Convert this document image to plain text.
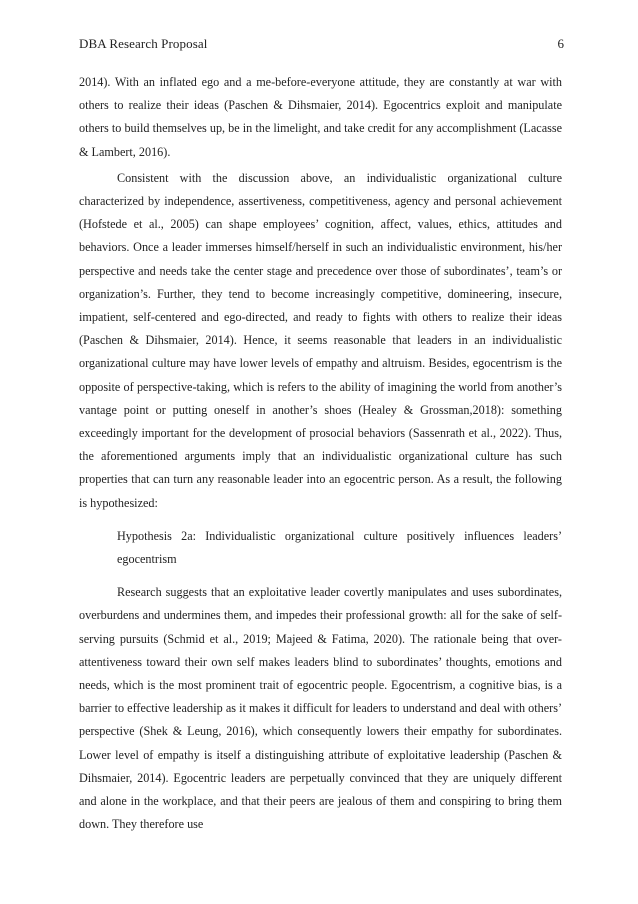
DBA Research Proposal	6

2014). With an inflated ego and a me-before-everyone attitude, they are constantly at war with others to realize their ideas (Paschen & Dihsmaier, 2014). Egocentrics exploit and manipulate others to build themselves up, be in the limelight, and take credit for any accomplishment (Lacasse & Lambert, 2016).

Consistent with the discussion above, an individualistic organizational culture characterized by independence, assertiveness, competitiveness, agency and personal achievement (Hofstede et al., 2005) can shape employees’ cognition, affect, values, ethics, attitudes and behaviors. Once a leader immerses himself/herself in such an individualistic environment, his/her perspective and needs take the center stage and precedence over those of subordinates’, team’s or organization’s. Further, they tend to become increasingly competitive, domineering, insecure, impatient, self-centered and ego-directed, and ready to fights with others to realize their ideas (Paschen & Dihsmaier, 2014). Hence, it seems reasonable that leaders in an individualistic organizational culture may have lower levels of empathy and altruism. Besides, egocentrism is the opposite of perspective-taking, which is refers to the ability of imagining the world from another’s vantage point or putting oneself in another’s shoes (Healey & Grossman,2018): something exceedingly important for the development of prosocial behaviors (Sassenrath et al., 2022). Thus, the aforementioned arguments imply that an individualistic organizational culture has such properties that can turn any reasonable leader into an egocentric person. As a result, the following is hypothesized:

Hypothesis 2a: Individualistic organizational culture positively influences leaders’ egocentrism

Research suggests that an exploitative leader covertly manipulates and uses subordinates, overburdens and undermines them, and impedes their professional growth: all for the sake of self-serving pursuits (Schmid et al., 2019; Majeed & Fatima, 2020). The rationale being that over-attentiveness toward their own self makes leaders blind to subordinates’ thoughts, emotions and needs, which is the most prominent trait of egocentric people. Egocentrism, a cognitive bias, is a barrier to effective leadership as it makes it difficult for leaders to understand and deal with others’ perspective (Shek & Leung, 2016), which consequently lowers their empathy for subordinates. Lower level of empathy is itself a distinguishing attribute of exploitative leadership (Paschen & Dihsmaier, 2014). Egocentric leaders are perpetually convinced that they are uniquely different and alone in the workplace, and that their peers are jealous of them and conspiring to bring them down. They therefore use
